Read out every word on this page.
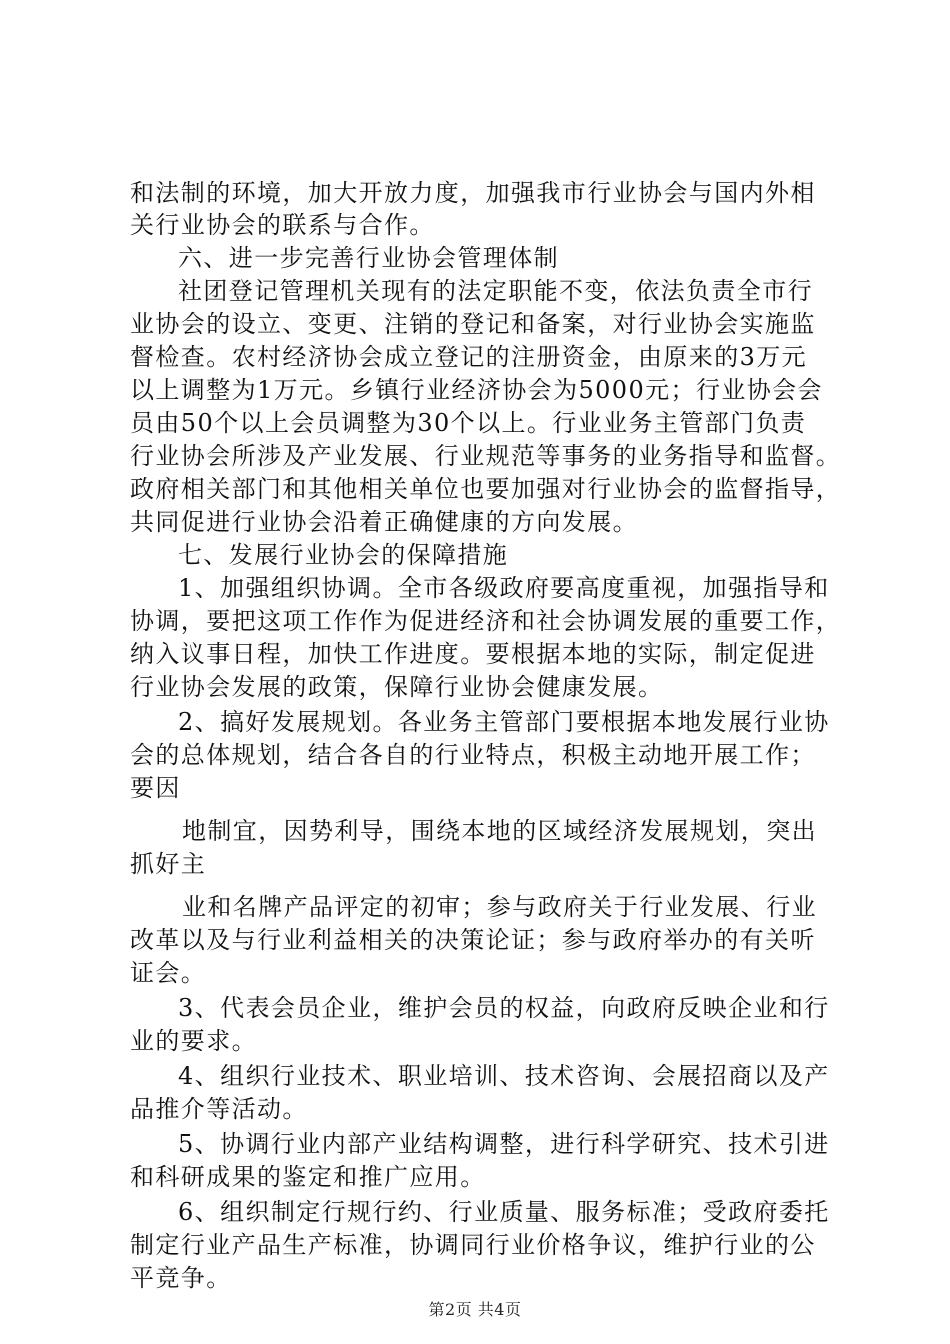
和法制的环境，加大开放力度，加强我市行业协会与国内外相
关行业协会的联系与合作。
六、进一步完善行业协会管理体制
社团登记管理机关现有的法定职能不变，依法负责全市行
业协会的设立、变更、注销的登记和备案，对行业协会实施监
督检查。农村经济协会成立登记的注册资金，由原来的3万元
以上调整为1万元。乡镇行业经济协会为5000元；行业协会会
员由50个以上会员调整为30个以上。行业业务主管部门负责
行业协会所涉及产业发展、行业规范等事务的业务指导和监督。
政府相关部门和其他相关单位也要加强对行业协会的监督指导，
共同促进行业协会沿着正确健康的方向发展。
七、发展行业协会的保障措施
1、加强组织协调。全市各级政府要高度重视，加强指导和
协调，要把这项工作作为促进经济和社会协调发展的重要工作，
纳入议事日程，加快工作进度。要根据本地的实际，制定促进
行业协会发展的政策，保障行业协会健康发展。
2、搞好发展规划。各业务主管部门要根据本地发展行业协
会的总体规划，结合各自的行业特点，积极主动地开展工作；
要因
地制宜，因势利导，围绕本地的区域经济发展规划，突出
抓好主
业和名牌产品评定的初审；参与政府关于行业发展、行业
改革以及与行业利益相关的决策论证；参与政府举办的有关听
证会。
3、代表会员企业，维护会员的权益，向政府反映企业和行
业的要求。
4、组织行业技术、职业培训、技术咨询、会展招商以及产
品推介等活动。
5、协调行业内部产业结构调整，进行科学研究、技术引进
和科研成果的鉴定和推广应用。
6、组织制定行规行约、行业质量、服务标准；受政府委托
制定行业产品生产标准，协调同行业价格争议，维护行业的公
平竞争。
第2页 共4页
